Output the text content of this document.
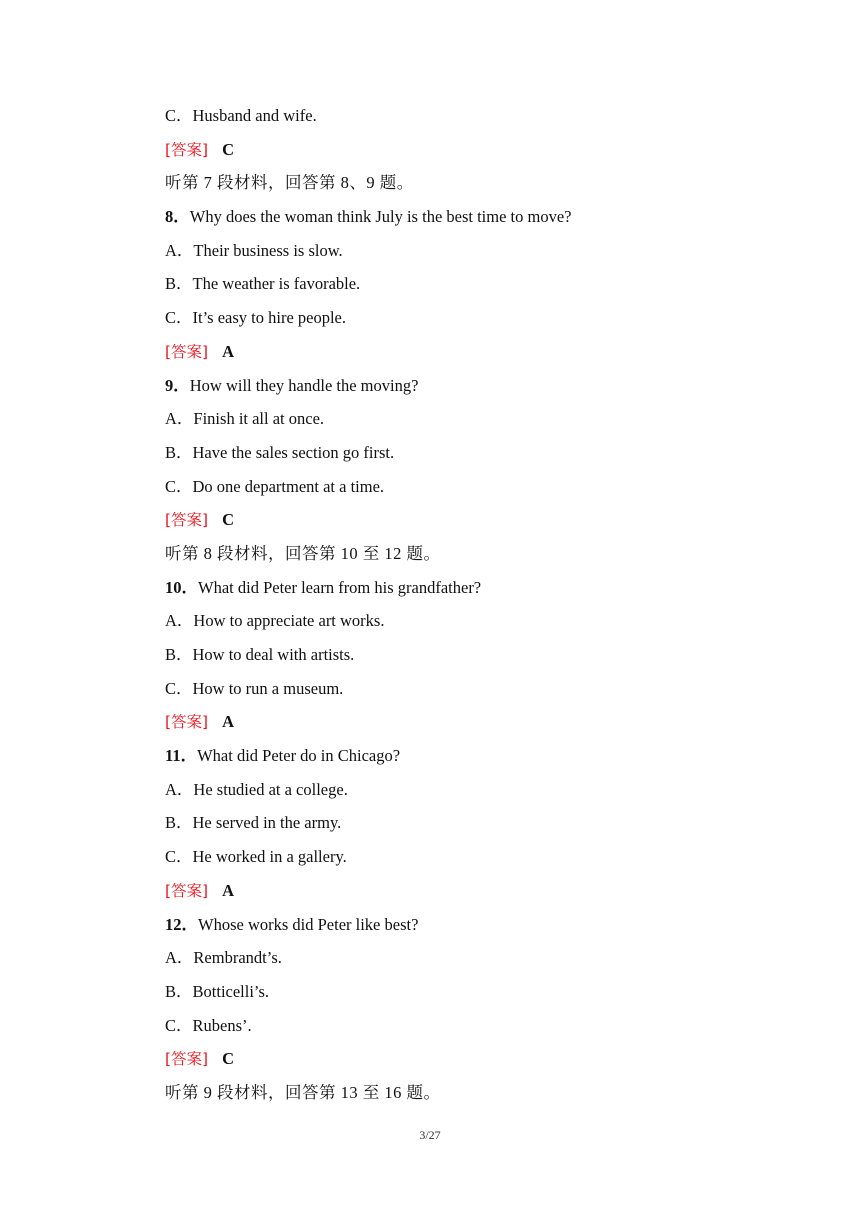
C．Husband and wife.
[答案] C
听第 7 段材料，回答第 8、9 题。
8．Why does the woman think July is the best time to move?
A．Their business is slow.
B．The weather is favorable.
C．It’s easy to hire people.
[答案] A
9．How will they handle the moving?
A．Finish it all at once.
B．Have the sales section go first.
C．Do one department at a time.
[答案] C
听第 8 段材料，回答第 10 至 12 题。
10．What did Peter learn from his grandfather?
A．How to appreciate art works.
B．How to deal with artists.
C．How to run a museum.
[答案] A
11．What did Peter do in Chicago?
A．He studied at a college.
B．He served in the army.
C．He worked in a gallery.
[答案] A
12．Whose works did Peter like best?
A．Rembrandt’s.
B．Botticelli’s.
C．Rubens’.
[答案] C
听第 9 段材料，回答第 13 至 16 题。
3/27
